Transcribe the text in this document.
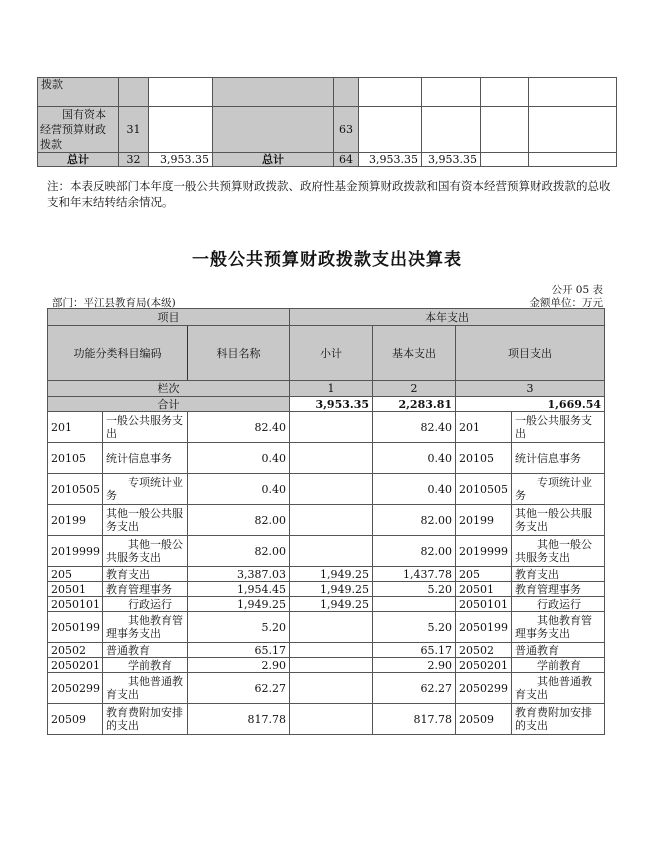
拨款								
国有资本经营预算财政拨款	31			63				
总计	32	3,953.35	总计	64	3,953.35	3,953.35		
注：本表反映部门本年度一般公共预算财政拨款、政府性基金预算财政拨款和国有资本经营预算财政拨款的总收支和年末结转结余情况。
一般公共预算财政拨款支出决算表
公开 05 表
部门：平江县教育局(本级)	金额单位：万元
项目			本年支出			
功能分类科目编码		科目名称	小计	基本支出	项目支出	
栏次			1	2	3	
合计			3,953.35	2,283.81	1,669.54	
201	一般公共服务支出	82.40		82.40	201	一般公共服务支出
20105	统计信息事务	0.40		0.40	20105	统计信息事务
2010505	专项统计业务	0.40		0.40	2010505	专项统计业务
20199	其他一般公共服务支出	82.00		82.00	20199	其他一般公共服务支出
2019999	其他一般公共服务支出	82.00		82.00	2019999	其他一般公共服务支出
205	教育支出	3,387.03	1,949.25	1,437.78	205	教育支出
20501	教育管理事务	1,954.45	1,949.25	5.20	20501	教育管理事务
2050101	行政运行	1,949.25	1,949.25		2050101	行政运行
2050199	其他教育管理事务支出	5.20		5.20	2050199	其他教育管理事务支出
20502	普通教育	65.17		65.17	20502	普通教育
2050201	学前教育	2.90		2.90	2050201	学前教育
2050299	其他普通教育支出	62.27		62.27	2050299	其他普通教育支出
20509	教育费附加安排的支出	817.78		817.78	20509	教育费附加安排的支出
